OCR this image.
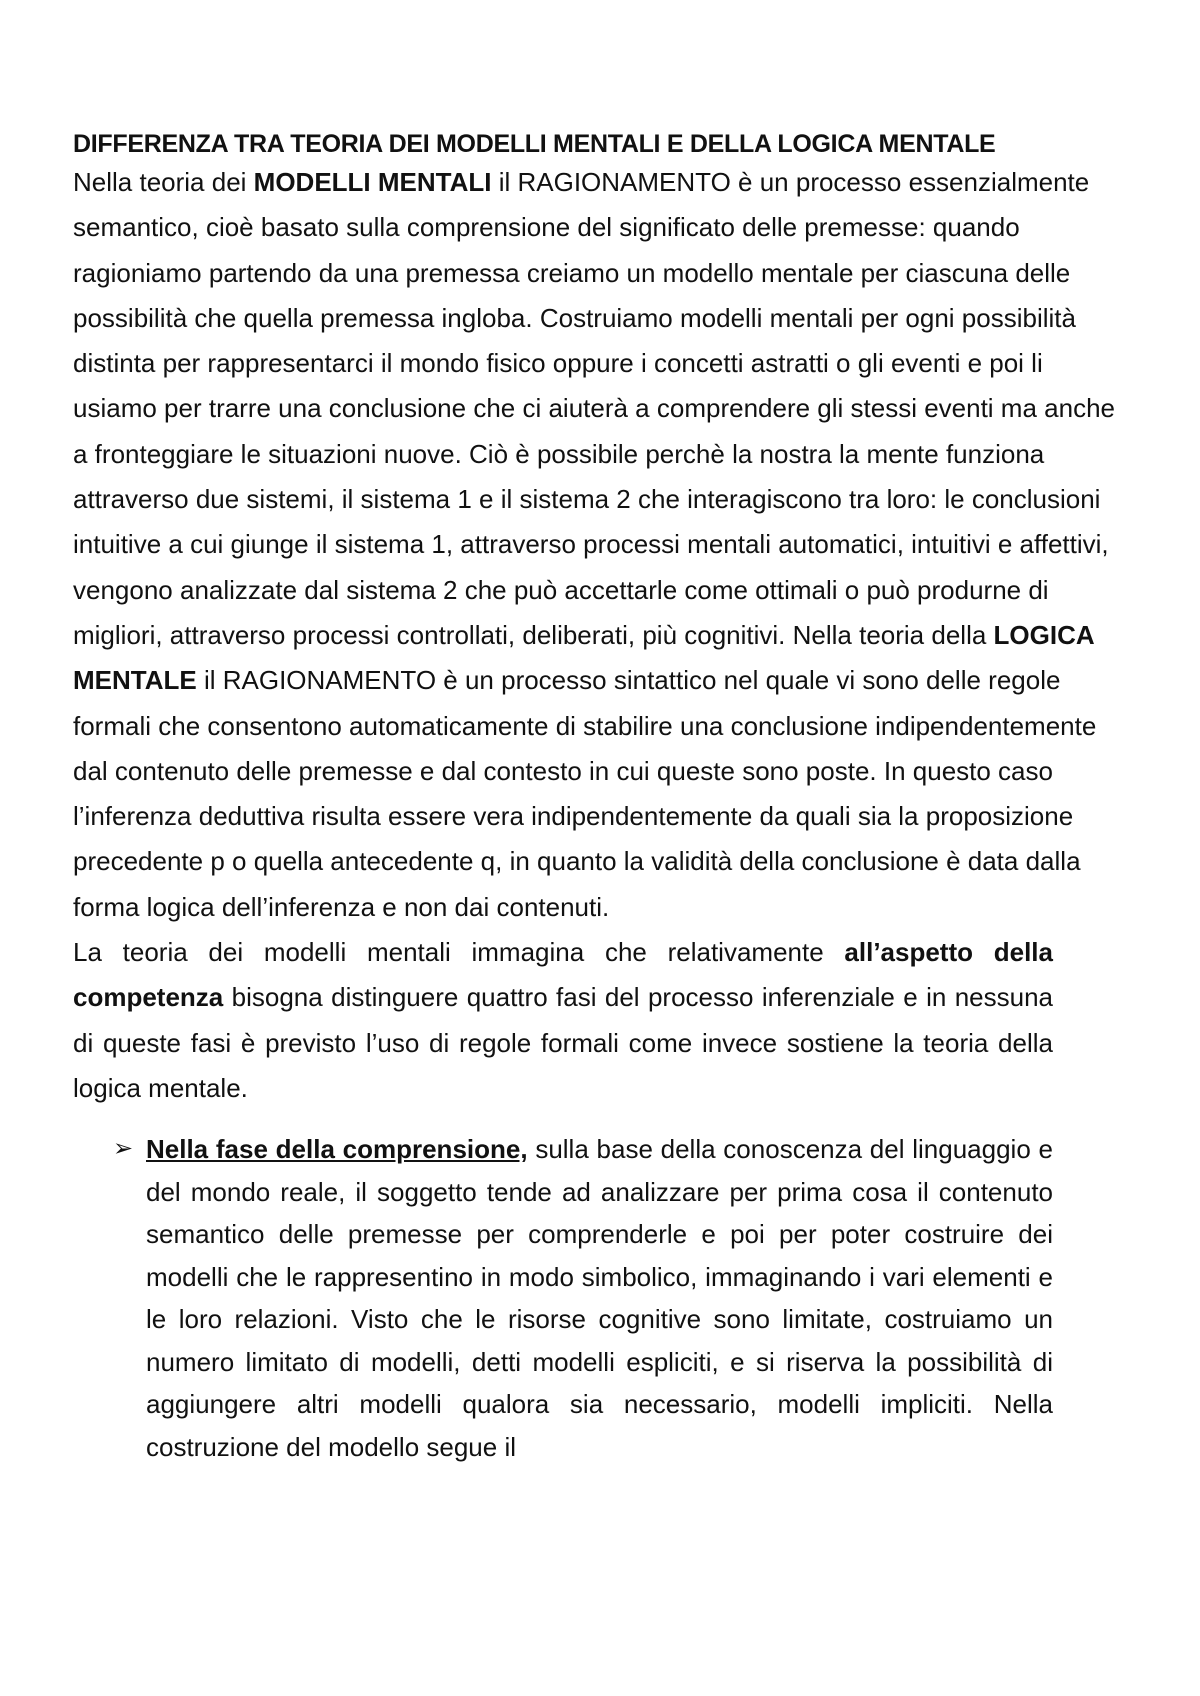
DIFFERENZA TRA TEORIA DEI MODELLI MENTALI E DELLA LOGICA MENTALE

Nella teoria dei MODELLI MENTALI il RAGIONAMENTO è un processo essenzialmente semantico, cioè basato sulla comprensione del significato delle premesse: quando ragioniamo partendo da una premessa creiamo un modello mentale per ciascuna delle possibilità che quella premessa ingloba. Costruiamo modelli mentali per ogni possibilità distinta per rappresentarci il mondo fisico oppure i concetti astratti o gli eventi e poi li usiamo per trarre una conclusione che ci aiuterà a comprendere gli stessi eventi ma anche a fronteggiare le situazioni nuove. Ciò è possibile perchè la nostra la mente funziona attraverso due sistemi, il sistema 1 e il sistema 2 che interagiscono tra loro: le conclusioni intuitive a cui giunge il sistema 1, attraverso processi mentali automatici, intuitivi e affettivi, vengono analizzate dal sistema 2 che può accettarle come ottimali o può produrne di migliori, attraverso processi controllati, deliberati, più cognitivi. Nella teoria della LOGICA MENTALE il RAGIONAMENTO è un processo sintattico nel quale vi sono delle regole formali che consentono automaticamente di stabilire una conclusione indipendentemente dal contenuto delle premesse e dal contesto in cui queste sono poste. In questo caso l’inferenza deduttiva risulta essere vera indipendentemente da quali sia la proposizione precedente p o quella antecedente q, in quanto la validità della conclusione è data dalla forma logica dell’inferenza e non dai contenuti.

La teoria dei modelli mentali immagina che relativamente all’aspetto della competenza bisogna distinguere quattro fasi del processo inferenziale e in nessuna di queste fasi è previsto l’uso di regole formali come invece sostiene la teoria della logica mentale.

➢ Nella fase della comprensione, sulla base della conoscenza del linguaggio e del mondo reale, il soggetto tende ad analizzare per prima cosa il contenuto semantico delle premesse per comprenderle e poi per poter costruire dei modelli che le rappresentino in modo simbolico, immaginando i vari elementi e le loro relazioni. Visto che le risorse cognitive sono limitate, costruiamo un numero limitato di modelli, detti modelli espliciti, e si riserva la possibilità di aggiungere altri modelli qualora sia necessario, modelli impliciti. Nella costruzione del modello segue il
